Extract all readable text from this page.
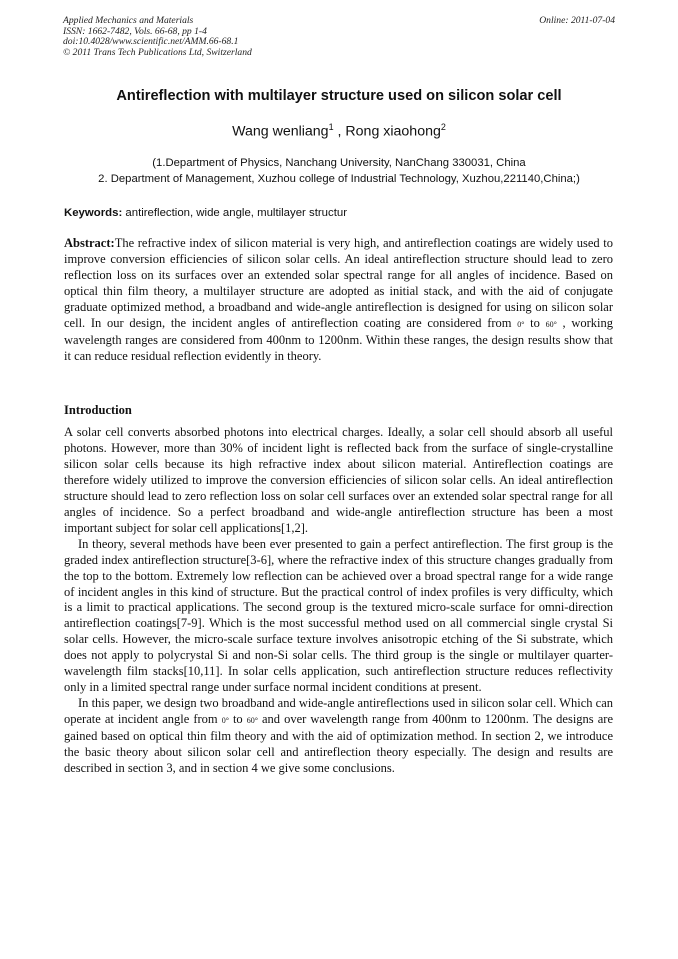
Applied Mechanics and Materials
ISSN: 1662-7482, Vols. 66-68, pp 1-4
doi:10.4028/www.scientific.net/AMM.66-68.1
© 2011 Trans Tech Publications Ltd, Switzerland
Online: 2011-07-04
Antireflection with multilayer structure used on silicon solar cell
Wang wenliang$^1$ , Rong xiaohong$^2$
(1.Department of Physics, Nanchang University, NanChang 330031, China
2. Department of Management, Xuzhou college of Industrial Technology, Xuzhou,221140,China;)
Keywords: antireflection, wide angle, multilayer structur

Abstract:The refractive index of silicon material is very high, and antireflection coatings are widely used to improve conversion efficiencies of silicon solar cells. An ideal antireflection structure should lead to zero reflection loss on its surfaces over an extended solar spectral range for all angles of incidence. Based on optical thin film theory, a multilayer structure are adopted as initial stack, and with the aid of conjugate graduate optimized method, a broadband and wide-angle antireflection is designed for using on silicon solar cell. In our design, the incident angles of antireflection coating are considered from 0° to 60° , working wavelength ranges are considered from 400nm to 1200nm. Within these ranges, the design results show that it can reduce residual reflection evidently in theory.

Introduction

A solar cell converts absorbed photons into electrical charges. Ideally, a solar cell should absorb all useful photons. However, more than 30% of incident light is reflected back from the surface of single-crystalline silicon solar cells because its high refractive index about silicon material. Antireflection coatings are therefore widely utilized to improve the conversion efficiencies of silicon solar cells. An ideal antireflection structure should lead to zero reflection loss on solar cell surfaces over an extended solar spectral range for all angles of incidence. So a perfect broadband and wide-angle antireflection structure has been a most important subject for solar cell applications[1,2].

In theory, several methods have been ever presented to gain a perfect antireflection. The first group is the graded index antireflection structure[3-6], where the refractive index of this structure changes gradually from the top to the bottom. Extremely low reflection can be achieved over a broad spectral range for a wide range of incident angles in this kind of structure. But the practical control of index profiles is very difficulty, which is a limit to practical applications. The second group is the textured micro-scale surface for omni-direction antireflection coatings[7-9]. Which is the most successful method used on all commercial single crystal Si solar cells. However, the micro-scale surface texture involves anisotropic etching of the Si substrate, which does not apply to polycrystal Si and non-Si solar cells. The third group is the single or multilayer quarter-wavelength film stacks[10,11]. In solar cells application, such antireflection structure reduces reflectivity only in a limited spectral range under surface normal incident conditions at present.

In this paper, we design two broadband and wide-angle antireflections used in silicon solar cell. Which can operate at incident angle from 0° to 60° and over wavelength range from 400nm to 1200nm. The designs are gained based on optical thin film theory and with the aid of optimization method. In section 2, we introduce the basic theory about silicon solar cell and antireflection theory especially. The design and results are described in section 3, and in section 4 we give some conclusions.
